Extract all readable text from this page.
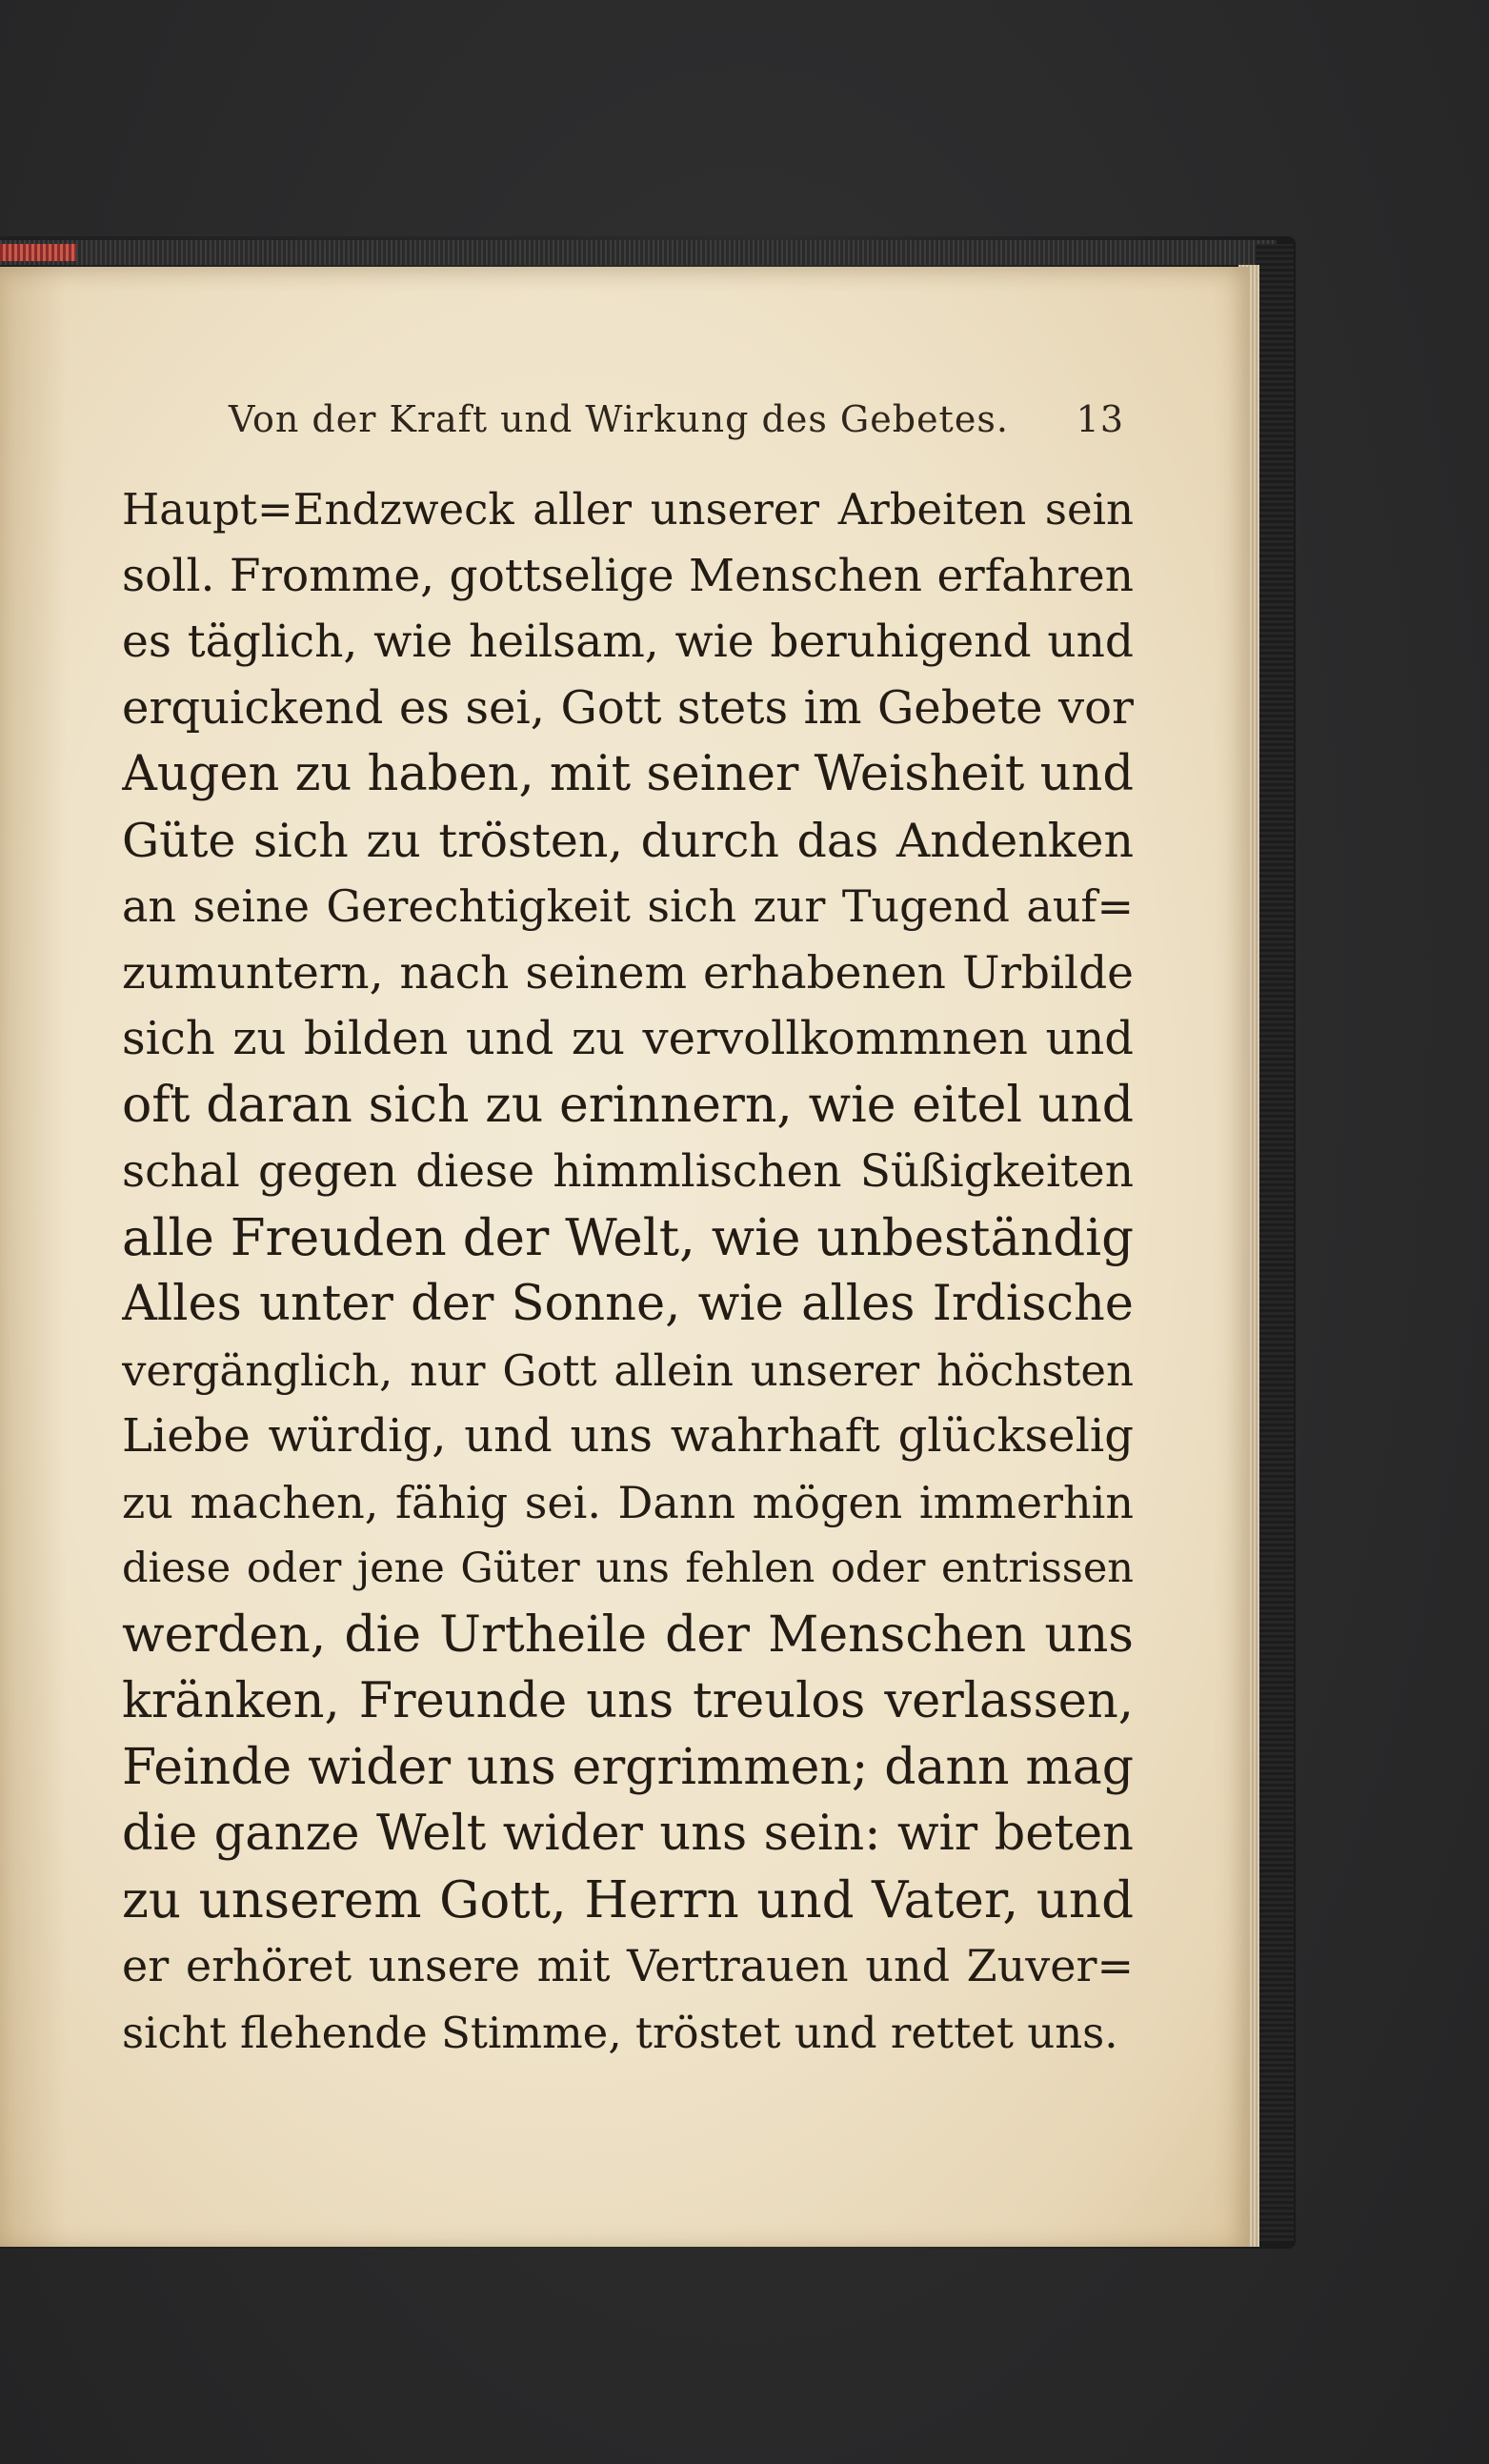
Von der Kraft und Wirkung des Gebetes. 13
Haupt=Endzweck aller unserer Arbeiten sein
soll. Fromme, gottselige Menschen erfahren
es täglich, wie heilsam, wie beruhigend und
erquickend es sei, Gott stets im Gebete vor
Augen zu haben, mit seiner Weisheit und
Güte sich zu trösten, durch das Andenken
an seine Gerechtigkeit sich zur Tugend auf=
zumuntern, nach seinem erhabenen Urbilde
sich zu bilden und zu vervollkommnen und
oft daran sich zu erinnern, wie eitel und
schal gegen diese himmlischen Süßigkeiten
alle Freuden der Welt, wie unbeständig
Alles unter der Sonne, wie alles Irdische
vergänglich, nur Gott allein unserer höchsten
Liebe würdig, und uns wahrhaft glückselig
zu machen, fähig sei. Dann mögen immerhin
diese oder jene Güter uns fehlen oder entrissen
werden, die Urtheile der Menschen uns
kränken, Freunde uns treulos verlassen,
Feinde wider uns ergrimmen; dann mag
die ganze Welt wider uns sein: wir beten
zu unserem Gott, Herrn und Vater, und
er erhöret unsere mit Vertrauen und Zuver=
sicht flehende Stimme, tröstet und rettet uns.
